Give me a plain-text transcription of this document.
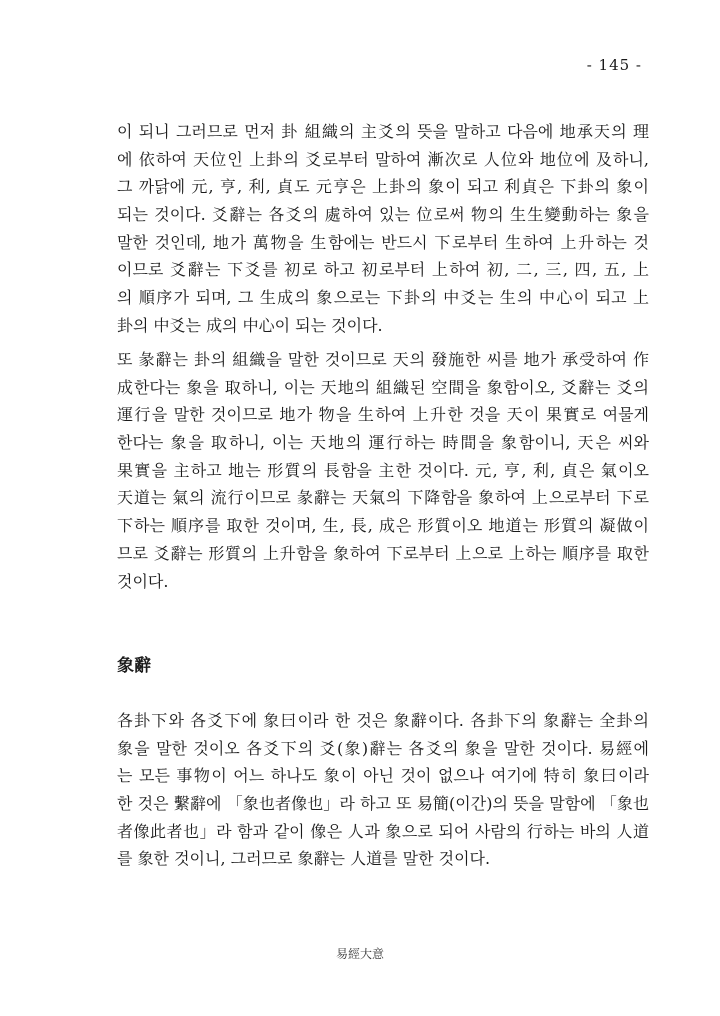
- 145 -
이 되니 그러므로 먼저 卦 組織의 主爻의 뜻을 말하고 다음에 地承天의 理
에 依하여 天位인 上卦의 爻로부터 말하여 漸次로 人位와 地位에 及하니,
그 까닭에 元, 亨, 利, 貞도 元亨은 上卦의 象이 되고 利貞은 下卦의 象이
되는 것이다. 爻辭는 各爻의 處하여 있는 位로써 物의 生生變動하는 象을
말한 것인데, 地가 萬物을 生함에는 반드시 下로부터 生하여 上升하는 것
이므로 爻辭는 下爻를 初로 하고 初로부터 上하여 初, 二, 三, 四, 五, 上
의 順序가 되며, 그 生成의 象으로는 下卦의 中爻는 生의 中心이 되고 上
卦의 中爻는 成의 中心이 되는 것이다.
또 彖辭는 卦의 組織을 말한 것이므로 天의 發施한 씨를 地가 承受하여 作
成한다는 象을 取하니, 이는 天地의 組織된 空間을 象함이오, 爻辭는 爻의
運行을 말한 것이므로 地가 物을 生하여 上升한 것을 天이 果實로 여물게
한다는 象을 取하니, 이는 天地의 運行하는 時間을 象함이니, 天은 씨와
果實을 主하고 地는 形質의 長함을 主한 것이다. 元, 亨, 利, 貞은 氣이오
天道는 氣의 流行이므로 彖辭는 天氣의 下降함을 象하여 上으로부터 下로
下하는 順序를 取한 것이며, 生, 長, 成은 形質이오 地道는 形質의 凝做이
므로 爻辭는 形質의 上升함을 象하여 下로부터 上으로 上하는 順序를 取한
것이다.
象辭
各卦下와 各爻下에 象曰이라 한 것은 象辭이다. 各卦下의 象辭는 全卦의
象을 말한 것이오 各爻下의 爻(象)辭는 各爻의 象을 말한 것이다. 易經에
는 모든 事物이 어느 하나도 象이 아닌 것이 없으나 여기에 特히 象曰이라
한 것은 繫辭에 「象也者像也」라 하고 또 易簡(이간)의 뜻을 말함에 「象也
者像此者也」라 함과 같이 像은 人과 象으로 되어 사람의 行하는 바의 人道
를 象한 것이니, 그러므로 象辭는 人道를 말한 것이다.
易經大意
